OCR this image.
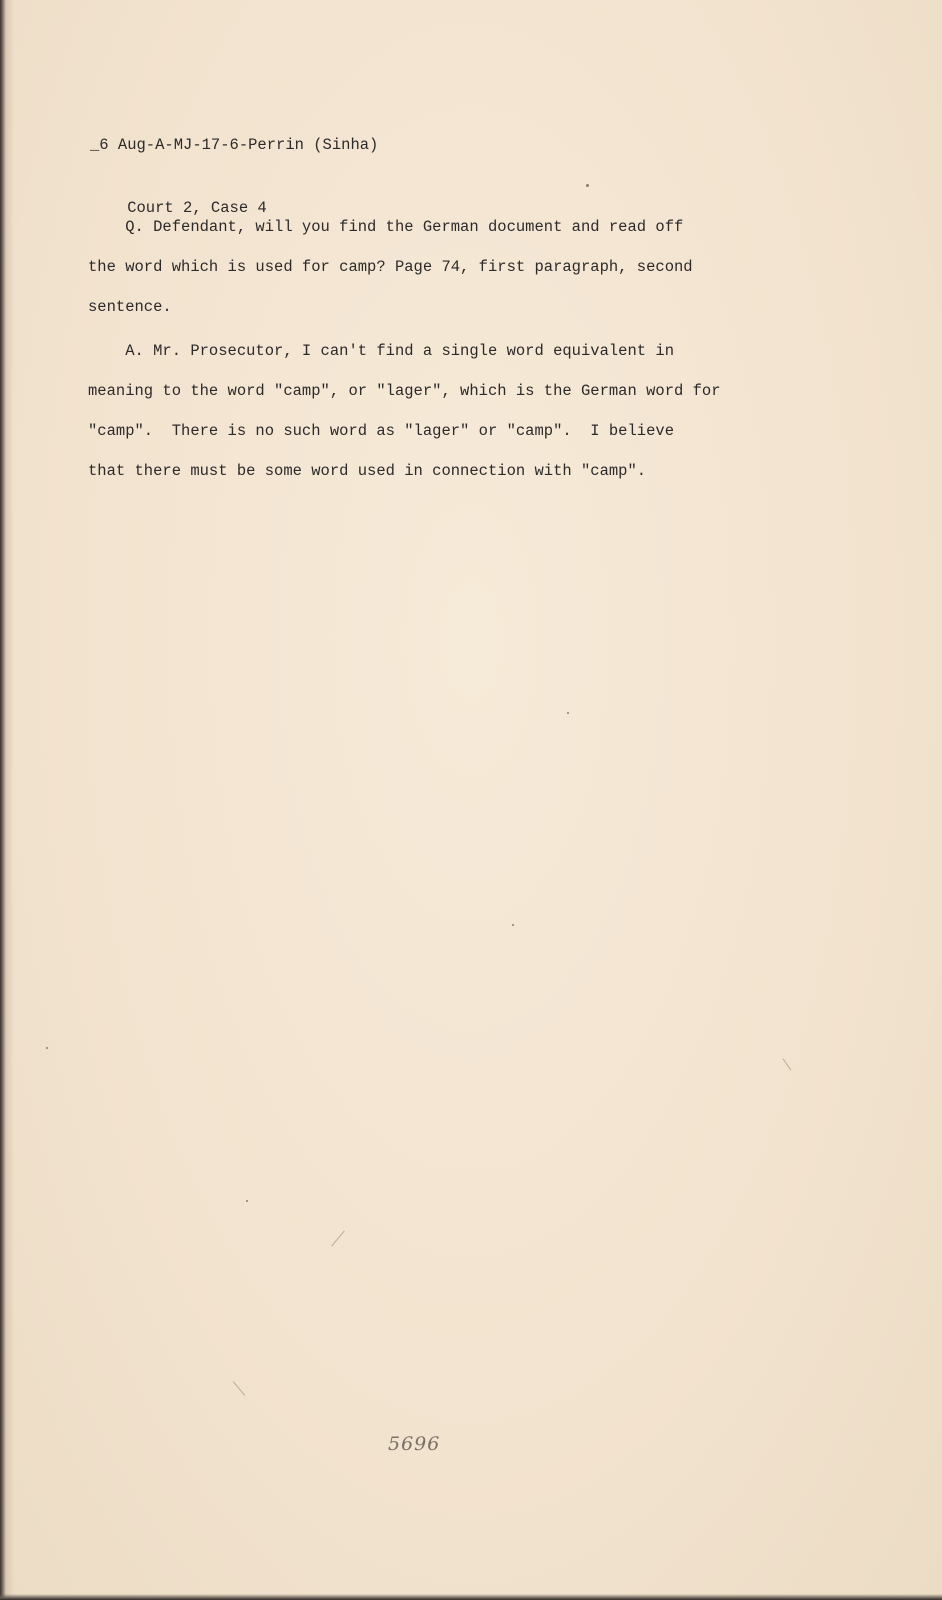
_6 Aug-A-MJ-17-6-Perrin (Sinha)

Court 2, Case 4

Q. Defendant, will you find the German document and read off
the word which is used for camp? Page 74, first paragraph, second
sentence.
A. Mr. Prosecutor, I can't find a single word equivalent in
meaning to the word "camp", or "lager", which is the German word for
"camp".  There is no such word as "lager" or "camp".  I believe
that there must be some word used in connection with "camp".
5696
